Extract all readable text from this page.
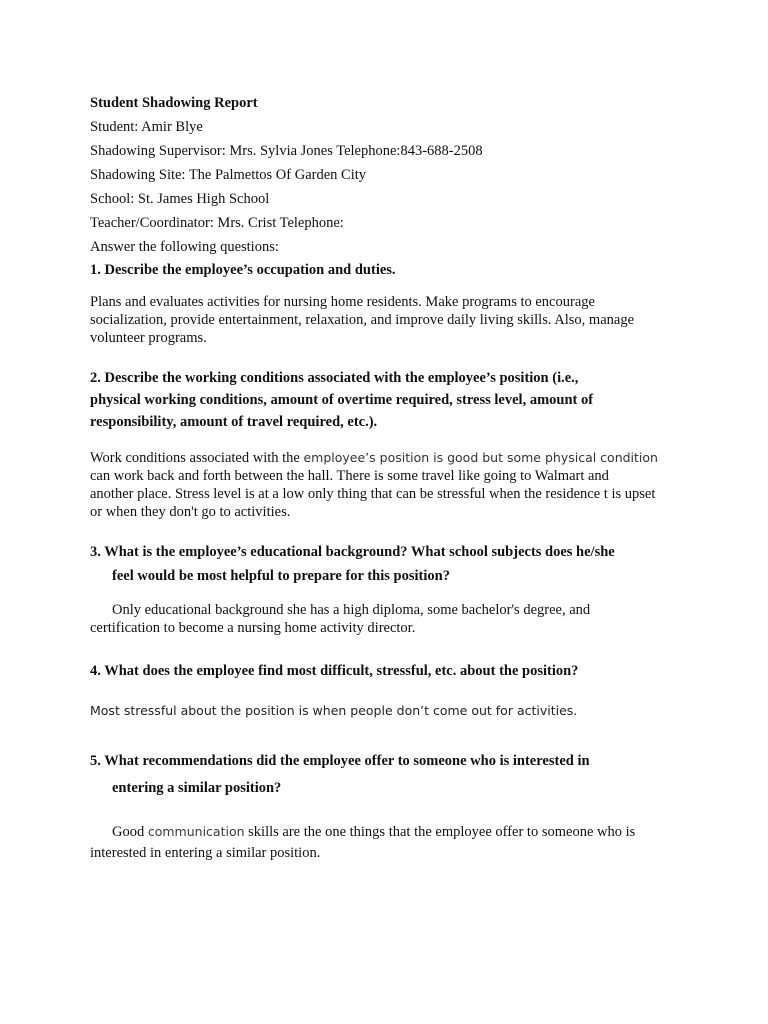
Student Shadowing Report
Student: Amir Blye
Shadowing Supervisor: Mrs. Sylvia Jones Telephone:843-688-2508
Shadowing Site: The Palmettos Of Garden City
School: St. James High School
Teacher/Coordinator: Mrs. Crist Telephone:
Answer the following questions:
1. Describe the employee’s occupation and duties.
Plans and evaluates activities for nursing home residents. Make programs to encourage
socialization, provide entertainment, relaxation, and improve daily living skills. Also, manage
volunteer programs.
2. Describe the working conditions associated with the employee’s position (i.e.,
physical working conditions, amount of overtime required, stress level, amount of
responsibility, amount of travel required, etc.).
Work conditions associated with the employee’s position is good but some physical condition
can work back and forth between the hall. There is some travel like going to Walmart and
another place. Stress level is at a low only thing that can be stressful when the residence t is upset
or when they don't go to activities.
3. What is the employee’s educational background? What school subjects does he/she
feel would be most helpful to prepare for this position?
Only educational background she has a high diploma, some bachelor's degree, and
certification to become a nursing home activity director.
4. What does the employee find most difficult, stressful, etc. about the position?
Most stressful about the position is when people don’t come out for activities.
5. What recommendations did the employee offer to someone who is interested in
entering a similar position?
Good communication skills are the one things that the employee offer to someone who is
interested in entering a similar position.
